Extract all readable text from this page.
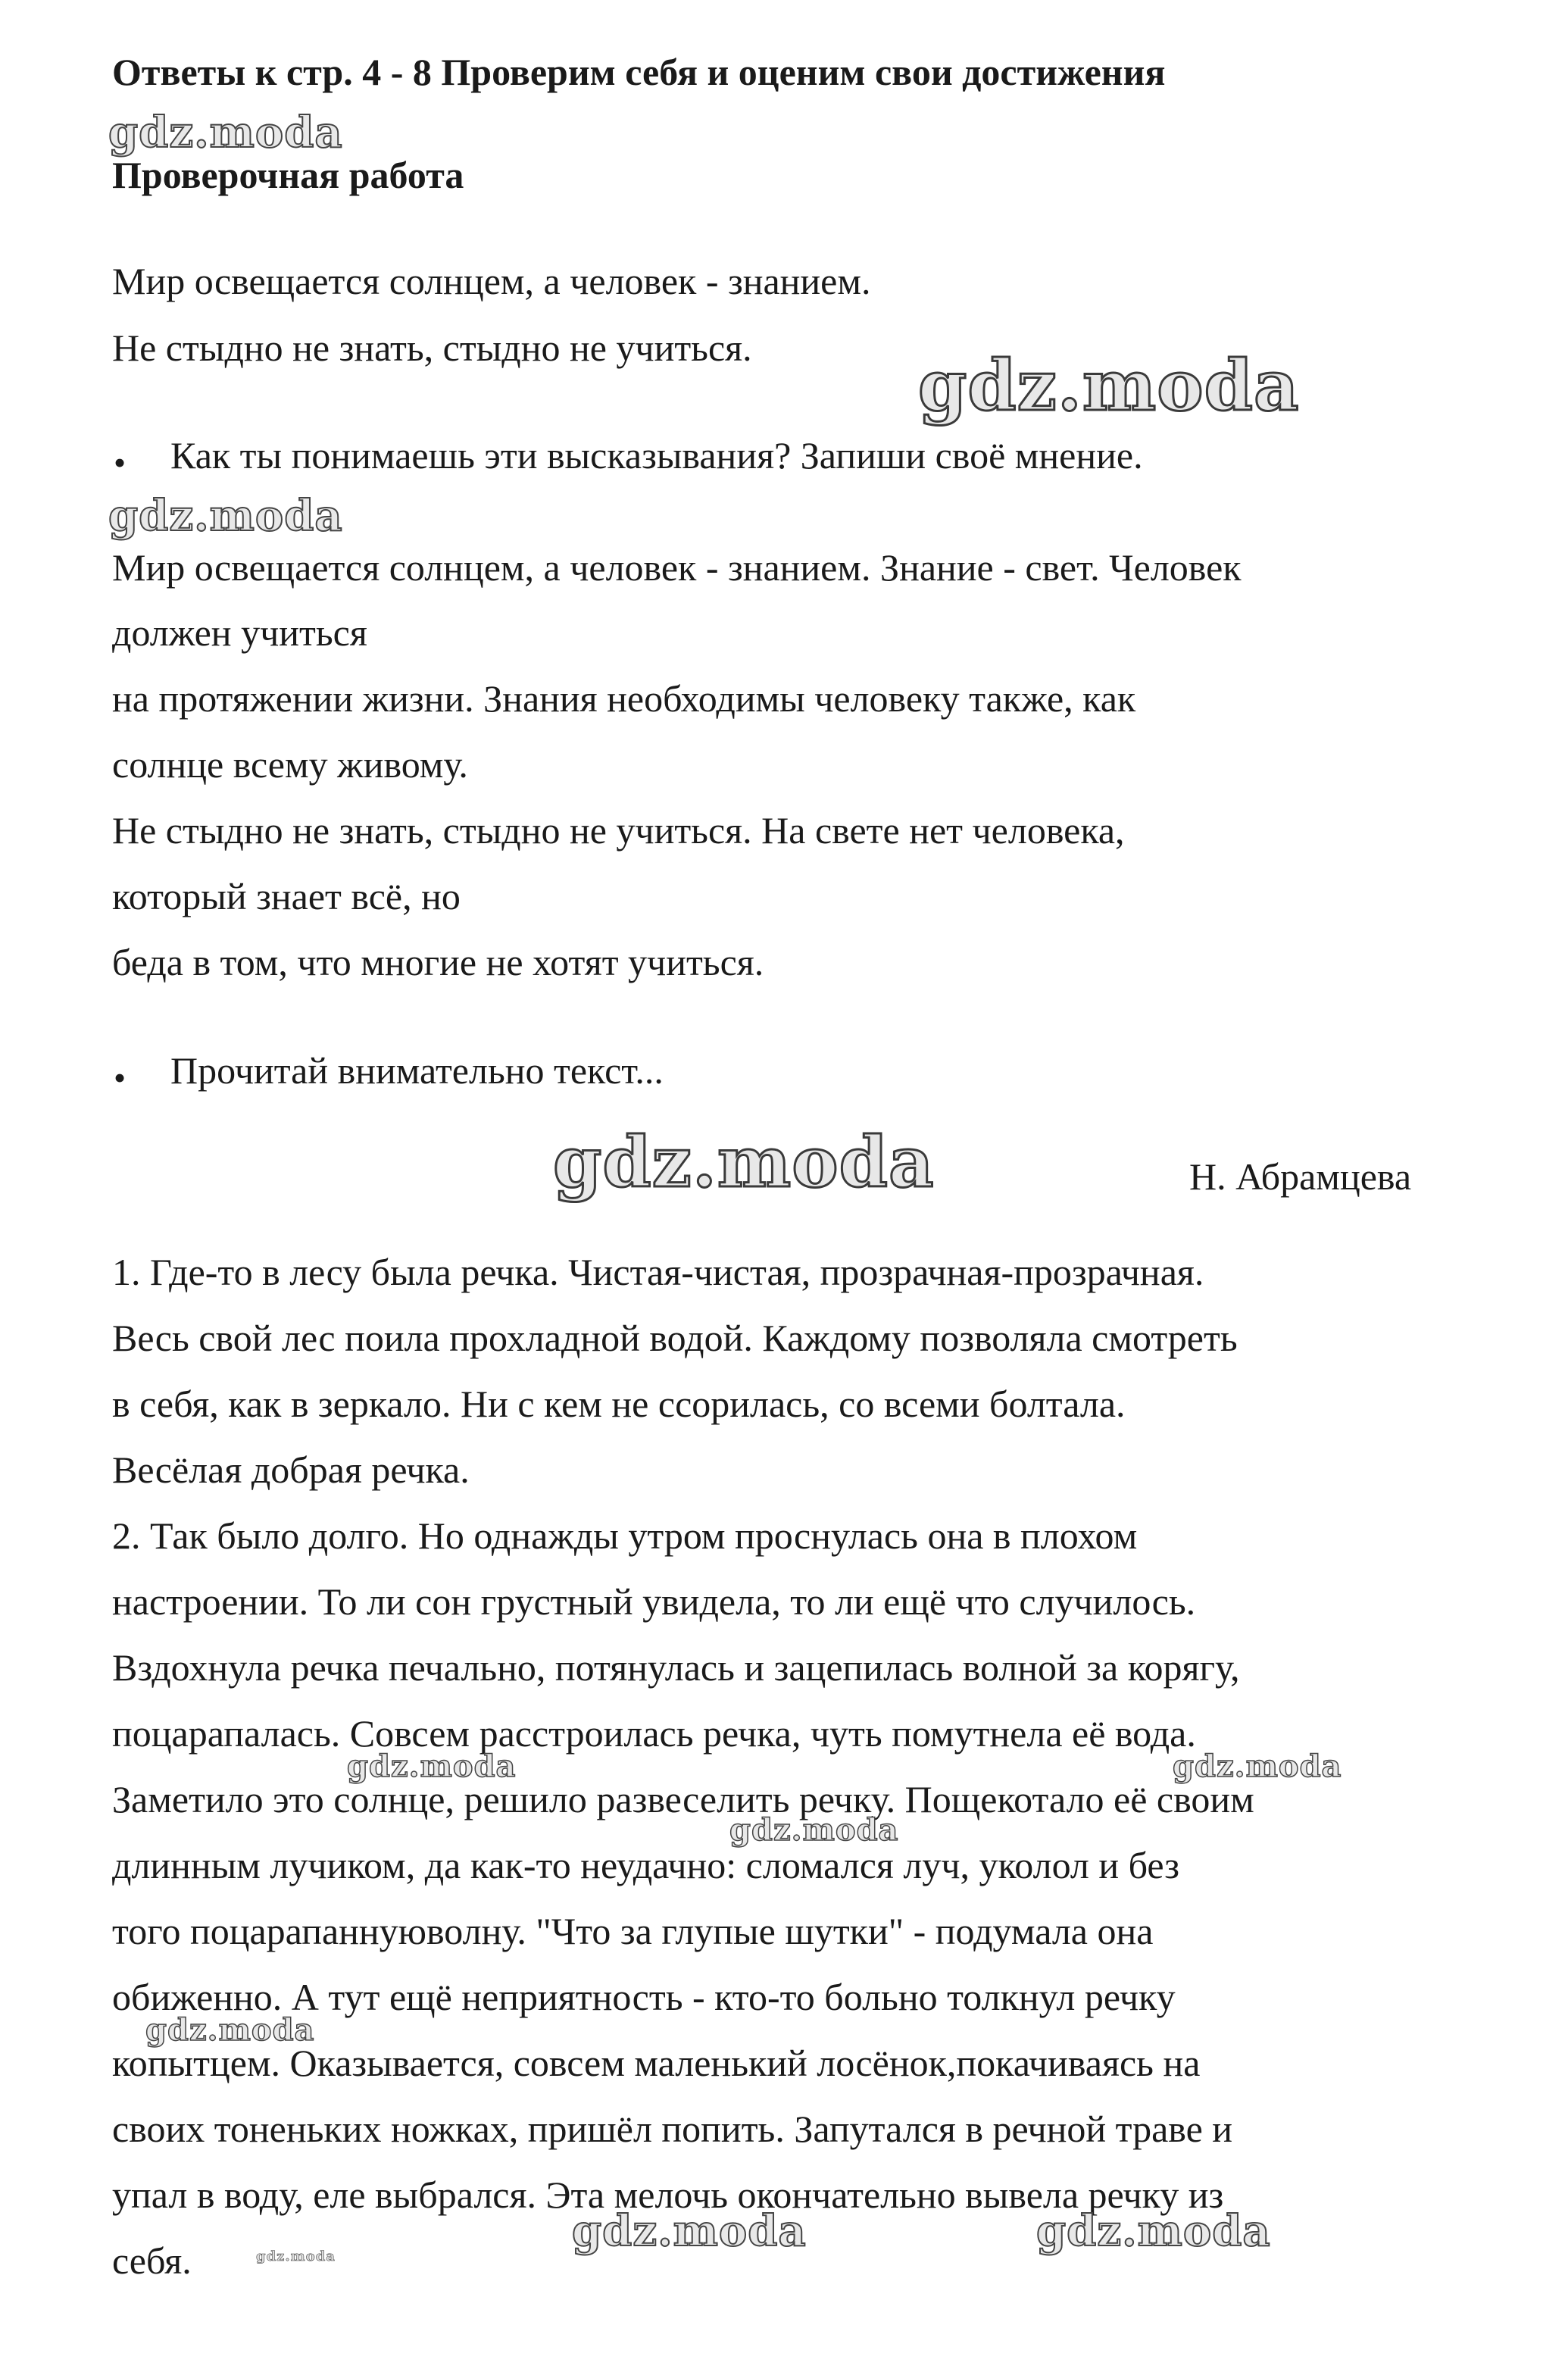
Ответы к стр. 4 - 8 Проверим себя и оценим свои достижения
gdz.moda
Проверочная работа
Мир освещается солнцем, а человек - знанием.
Не стыдно не знать, стыдно не учиться. gdz.moda
• Как ты понимаешь эти высказывания? Запиши своё мнение.
gdz.moda
Мир освещается солнцем, а человек - знанием. Знание - свет. Человек
должен учиться
на протяжении жизни. Знания необходимы человеку также, как
солнце всему живому.
Не стыдно не знать, стыдно не учиться. На свете нет человека,
который знает всё, но
беда в том, что многие не хотят учиться.
• Прочитай внимательно текст...
gdz.moda	Н. Абрамцева
1. Где-то в лесу была речка. Чистая-чистая, прозрачная-прозрачная.
Весь свой лес поила прохладной водой. Каждому позволяла смотреть
в себя, как в зеркало. Ни с кем не ссорилась, со всеми болтала.
Весёлая добрая речка.
2. Так было долго. Но однажды утром проснулась она в плохом
настроении. То ли сон грустный увидела, то ли ещё что случилось.
Вздохнула речка печально, потянулась и зацепилась волной за корягу,
поцарапалась. Совсем расстроилась речка, чуть помутнела её вода.
Заметило это солнце, решило развеселить речку. Пощекотало её своим
длинным лучиком, да как-то неудачно: сломался луч, уколол и без
того поцарапаннуюволну. "Что за глупые шутки" - подумала она
обиженно. А тут ещё неприятность - кто-то больно толкнул речку
копытцем. Оказывается, совсем маленький лосёнок,покачиваясь на
своих тоненьких ножках, пришёл попить. Запутался в речной траве и
упал в воду, еле выбрался. Эта мелочь окончательно вывела речку из
себя.
gdz.moda	gdz.moda
gdz.moda
gdz.moda
gdz.moda	gdz.moda
gdz.moda
